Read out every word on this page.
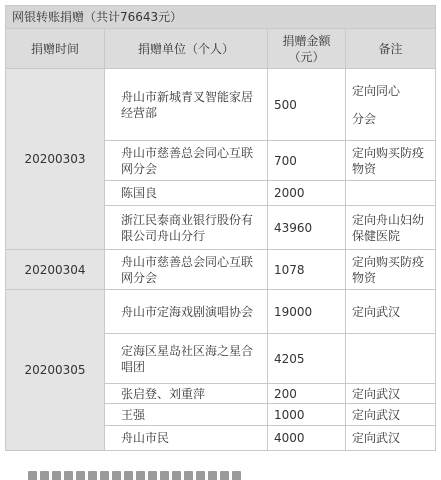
网银转账捐赠（共计76643元）			
捐赠时间	捐赠单位（个人）	捐赠金额（元）	备注
20200303	舟山市新城青叉智能家居经营部	500	定向同心
分会
	舟山市慈善总会同心互联网分会	700	定向购买防疫物资
	陈国良	2000	
	浙江民泰商业银行股份有限公司舟山分行	43960	定向舟山妇幼保健医院
20200304	舟山市慈善总会同心互联网分会	1078	定向购买防疫物资
20200305	舟山市定海戏剧演唱协会	19000	定向武汉
	定海区星岛社区海之星合唱团	4205	
	张启登、刘重萍	200	定向武汉
	王强	1000	定向武汉
	舟山市民	4000	定向武汉
